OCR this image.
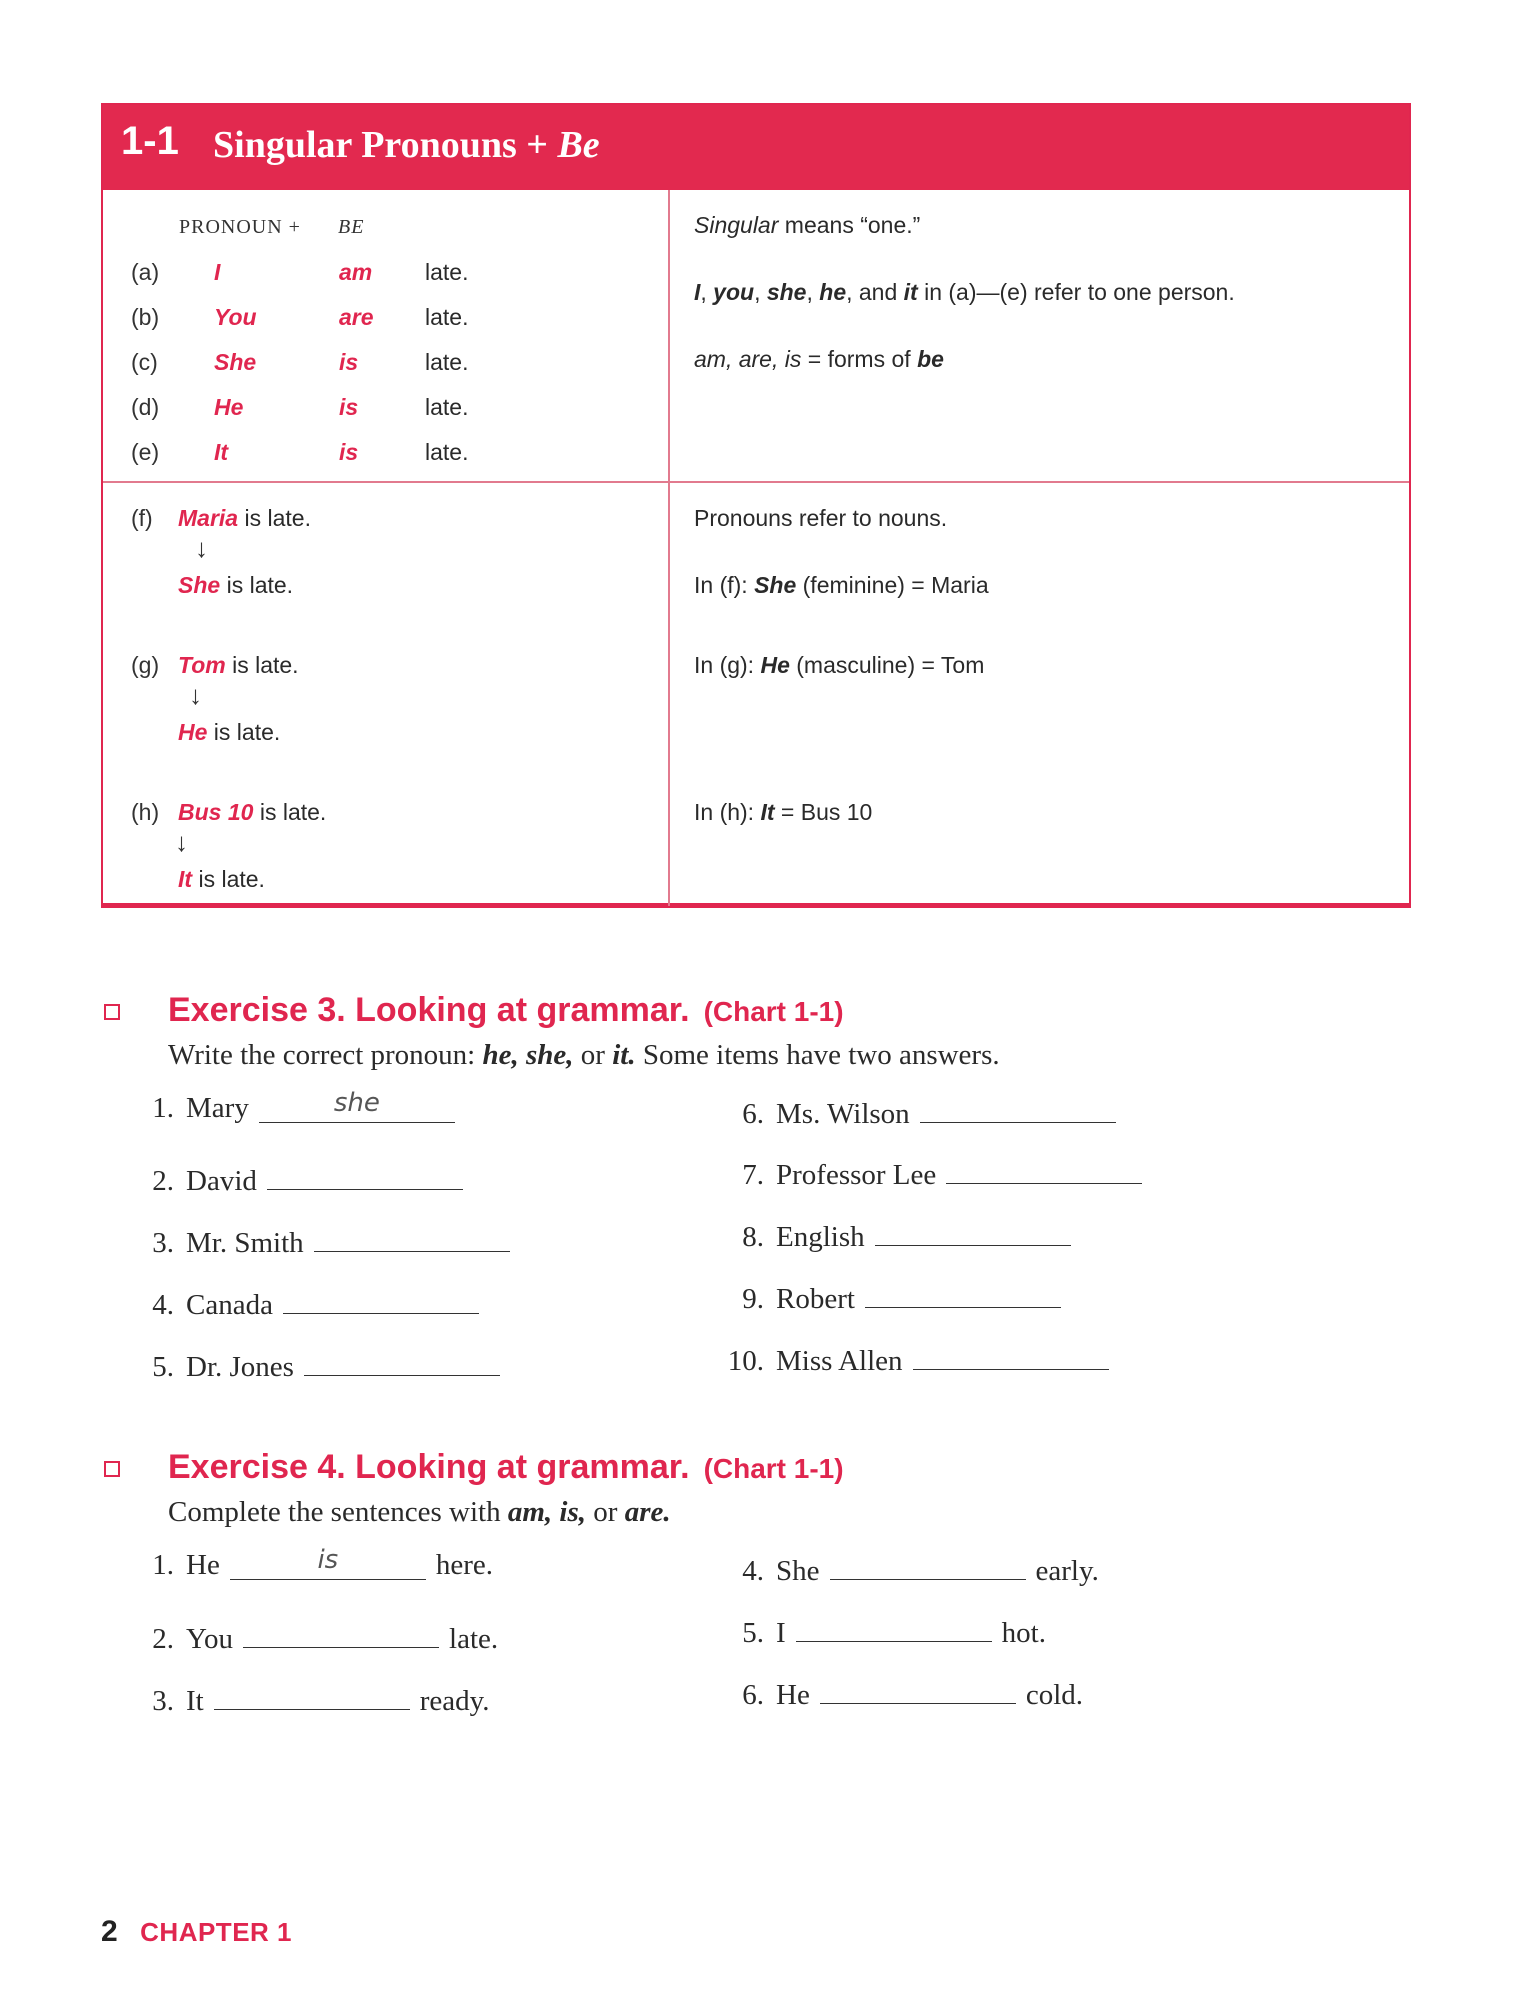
1-1 Singular Pronouns + Be
PRONOUN + BE
(a) I	am late.
(b) You	are late.
(c) She	is	late.
(d) He	is	late.
(e) It	is	late.
Singular means “one.”
I, you, she, he, and it in (a)—(e) refer to one person.
am, are, is = forms of be
(f) Maria is late.
↓
She is late.
(g) Tom is late.
↓
He is late.
(h) Bus 10 is late.
↓
It is late.
Pronouns refer to nouns.
In (f): She (feminine) = Maria
In (g): He (masculine) = Tom
In (h): It = Bus 10
Exercise 3. Looking at grammar. (Chart 1-1)
Write the correct pronoun: he, she, or it. Some items have two answers.
1. Mary	she
2. David
3. Mr. Smith
4. Canada
5. Dr. Jones
6. Ms. Wilson
7. Professor Lee
8. English
9. Robert
10. Miss Allen
Exercise 4. Looking at grammar. (Chart 1-1)
Complete the sentences with am, is, or are.
1. He	is	here.
2. You	late.
3. It	ready.
4. She	early.
5. I	hot.
6. He	cold.
2 CHAPTER 1
